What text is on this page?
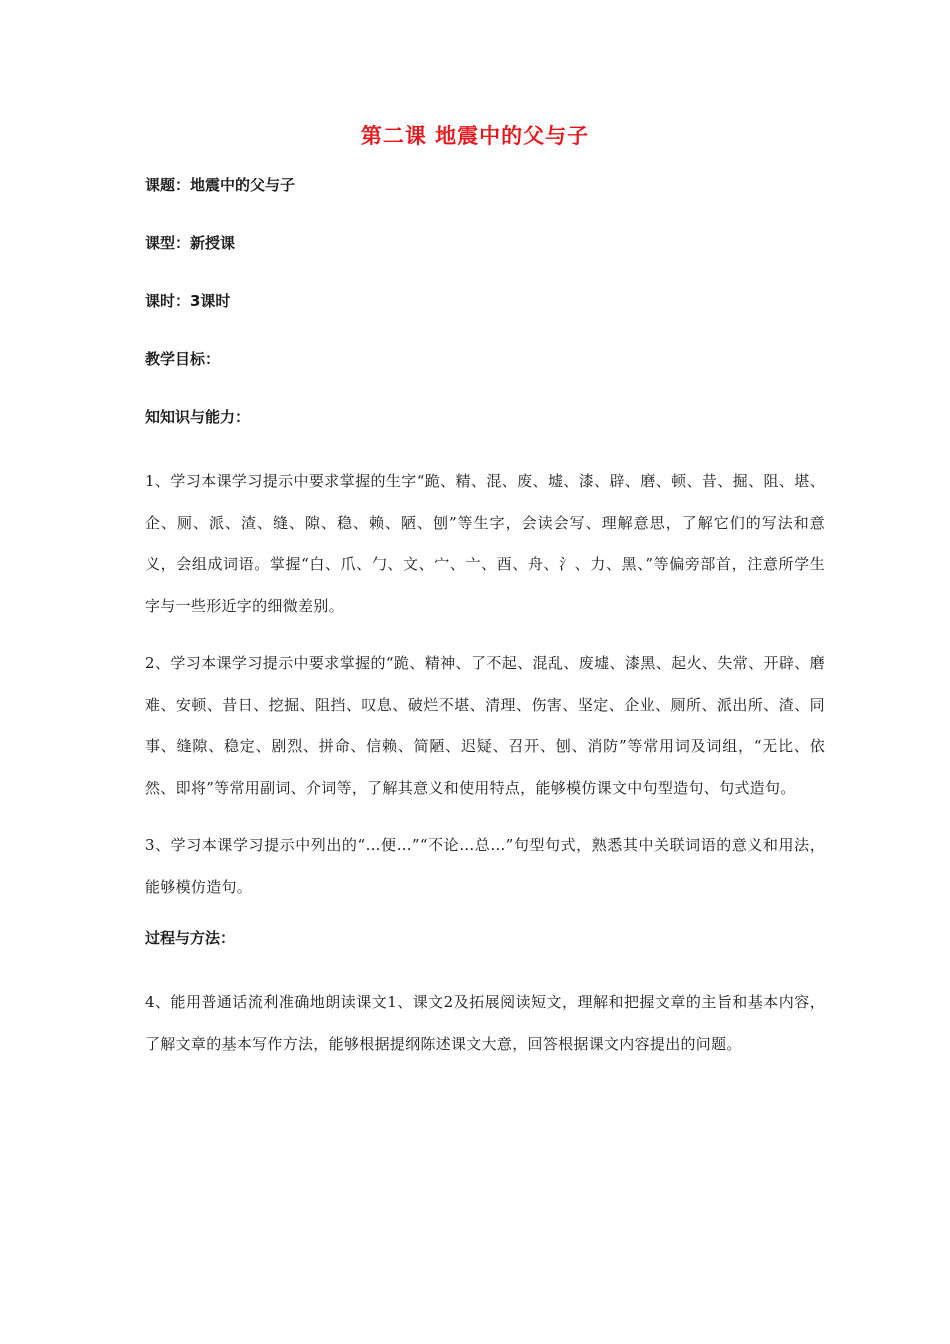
第二课 地震中的父与子
课题：地震中的父与子
课型：新授课
课时：3课时
教学目标：
知知识与能力：

1、学习本课学习提示中要求掌握的生字“跪、精、混、废、墟、漆、辟、磨、顿、昔、掘、阻、堪、企、厕、派、渣、缝、隙、稳、赖、陋、刨”等生字，会读会写、理解意思，了解它们的写法和意义，会组成词语。掌握“白、爪、勹、文、宀、亠、酉、舟、氵、力、黑、”等偏旁部首，注意所学生字与一些形近字的细微差别。

2、学习本课学习提示中要求掌握的“跪、精神、了不起、混乱、废墟、漆黑、起火、失常、开辟、磨难、安顿、昔日、挖掘、阻挡、叹息、破烂不堪、清理、伤害、坚定、企业、厕所、派出所、渣、同事、缝隙、稳定、剧烈、拼命、信赖、简陋、迟疑、召开、刨、消防”等常用词及词组，“无比、依然、即将”等常用副词、介词等，了解其意义和使用特点，能够模仿课文中句型造句、句式造句。

3、学习本课学习提示中列出的“…便…”“不论…总…”句型句式，熟悉其中关联词语的意义和用法，能够模仿造句。

过程与方法：

4、能用普通话流利准确地朗读课文1、课文2及拓展阅读短文，理解和把握文章的主旨和基本内容，了解文章的基本写作方法，能够根据提纲陈述课文大意，回答根据课文内容提出的问题。
